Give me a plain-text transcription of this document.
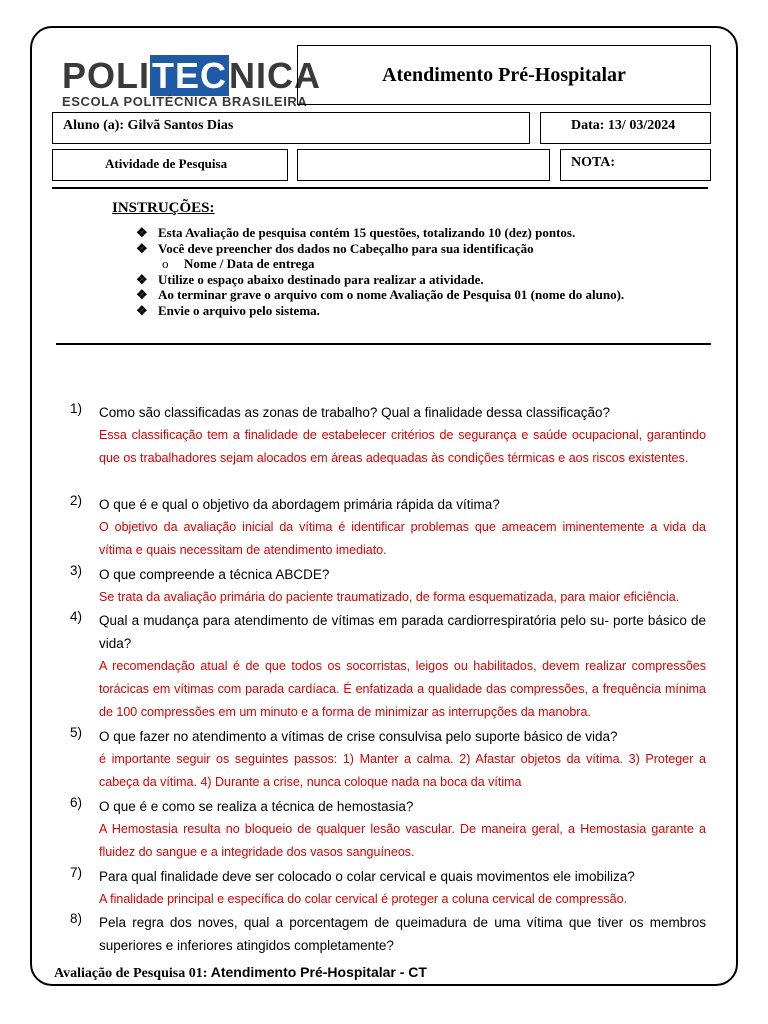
POLITECNICA
ESCOLA POLITÉCNICA BRASILEIRA
Atendimento Pré-Hospitalar
Aluno (a): Gilvã Santos Dias	Data: 13/ 03/2024
Atividade de Pesquisa	NOTA:
INSTRUÇÕES:
❖ Esta Avaliação de pesquisa contém 15 questões, totalizando 10 (dez) pontos.
❖ Você deve preencher dos dados no Cabeçalho para sua identificação
o Nome / Data de entrega
❖ Utilize o espaço abaixo destinado para realizar a atividade.
❖ Ao terminar grave o arquivo com o nome Avaliação de Pesquisa 01 (nome do aluno).
❖ Envie o arquivo pelo sistema.
1) Como são classificadas as zonas de trabalho? Qual a finalidade dessa classificação?
Essa classificação tem a finalidade de estabelecer critérios de segurança e saúde ocupacional, garantindo que os trabalhadores sejam alocados em áreas adequadas às condições térmicas e aos riscos existentes.
2) O que é e qual o objetivo da abordagem primária rápida da vítima?
O objetivo da avaliação inicial da vítima é identificar problemas que ameacem iminentemente a vida da vítima e quais necessitam de atendimento imediato.
3) O que compreende a técnica ABCDE?
Se trata da avaliação primária do paciente traumatizado, de forma esquematizada, para maior eficiência.
4) Qual a mudança para atendimento de vítimas em parada cardiorrespiratória pelo su- porte básico de vida?
A recomendação atual é de que todos os socorristas, leigos ou habilitados, devem realizar compressões torácicas em vítimas com parada cardíaca. É enfatizada a qualidade das compressões, a frequência mínima de 100 compressões em um minuto e a forma de minimizar as interrupções da manobra.
5) O que fazer no atendimento a vítimas de crise consulvisa pelo suporte básico de vida?
é importante seguir os seguintes passos: 1) Manter a calma. 2) Afastar objetos da vítima. 3) Proteger a cabeça da vítima. 4) Durante a crise, nunca coloque nada na boca da vítima
6) O que é e como se realiza a técnica de hemostasia?
A Hemostasia resulta no bloqueio de qualquer lesão vascular. De maneira geral, a Hemostasia garante a fluidez do sangue e a integridade dos vasos sanguíneos.
7) Para qual finalidade deve ser colocado o colar cervical e quais movimentos ele imobiliza?
A finalidade principal e específica do colar cervical é proteger a coluna cervical de compressão.
8) Pela regra dos noves, qual a porcentagem de queimadura de uma vítima que tiver os membros superiores e inferiores atingidos completamente?
Avaliação de Pesquisa 01: Atendimento Pré-Hospitalar - CT
